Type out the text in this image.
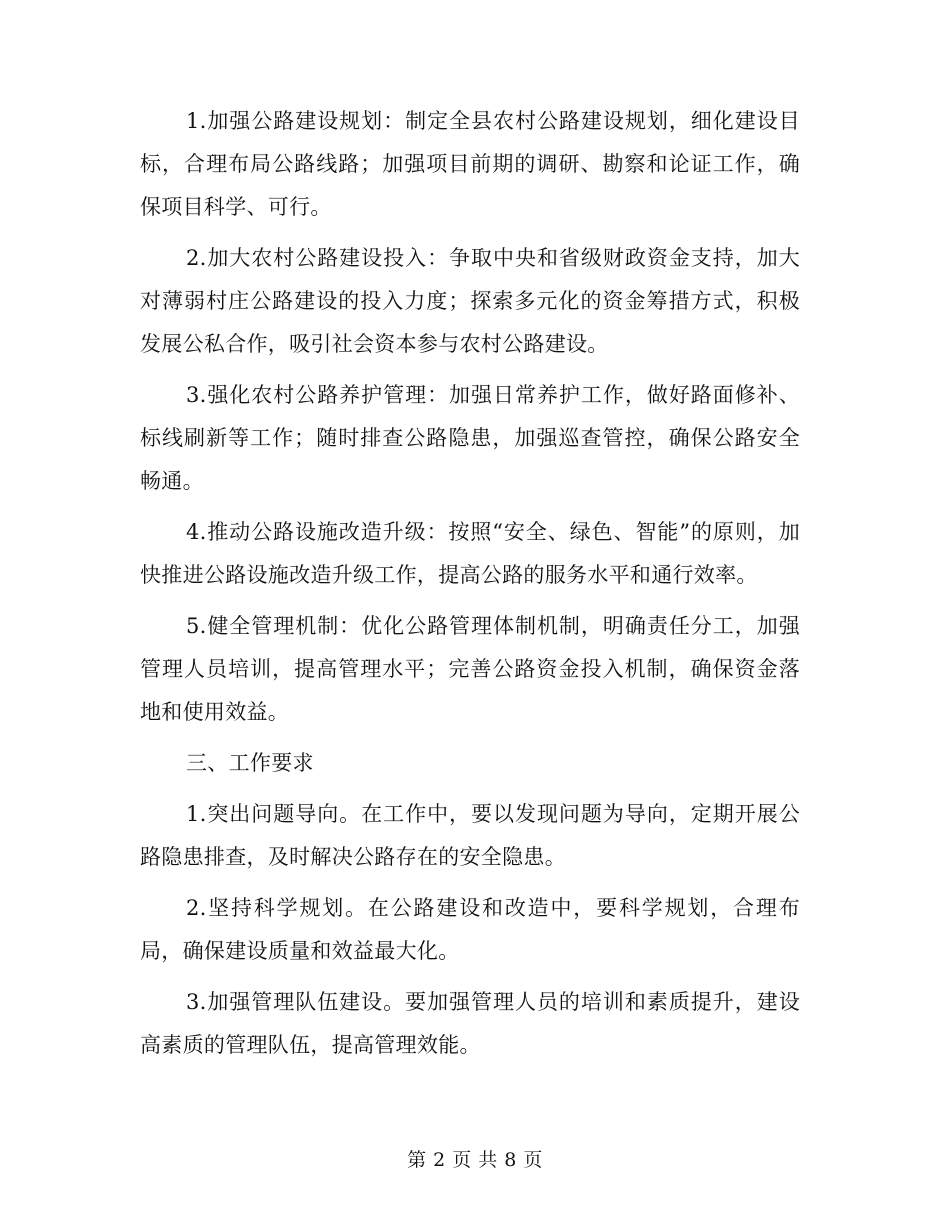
1.加强公路建设规划：制定全县农村公路建设规划，细化建设目标，合理布局公路线路；加强项目前期的调研、勘察和论证工作，确保项目科学、可行。

2.加大农村公路建设投入：争取中央和省级财政资金支持，加大对薄弱村庄公路建设的投入力度；探索多元化的资金筹措方式，积极发展公私合作，吸引社会资本参与农村公路建设。

3.强化农村公路养护管理：加强日常养护工作，做好路面修补、标线刷新等工作；随时排查公路隐患，加强巡查管控，确保公路安全畅通。

4.推动公路设施改造升级：按照“安全、绿色、智能”的原则，加快推进公路设施改造升级工作，提高公路的服务水平和通行效率。

5.健全管理机制：优化公路管理体制机制，明确责任分工，加强管理人员培训，提高管理水平；完善公路资金投入机制，确保资金落地和使用效益。

三、工作要求

1.突出问题导向。在工作中，要以发现问题为导向，定期开展公路隐患排查，及时解决公路存在的安全隐患。

2.坚持科学规划。在公路建设和改造中，要科学规划，合理布局，确保建设质量和效益最大化。

3.加强管理队伍建设。要加强管理人员的培训和素质提升，建设高素质的管理队伍，提高管理效能。

第 2 页 共 8 页
